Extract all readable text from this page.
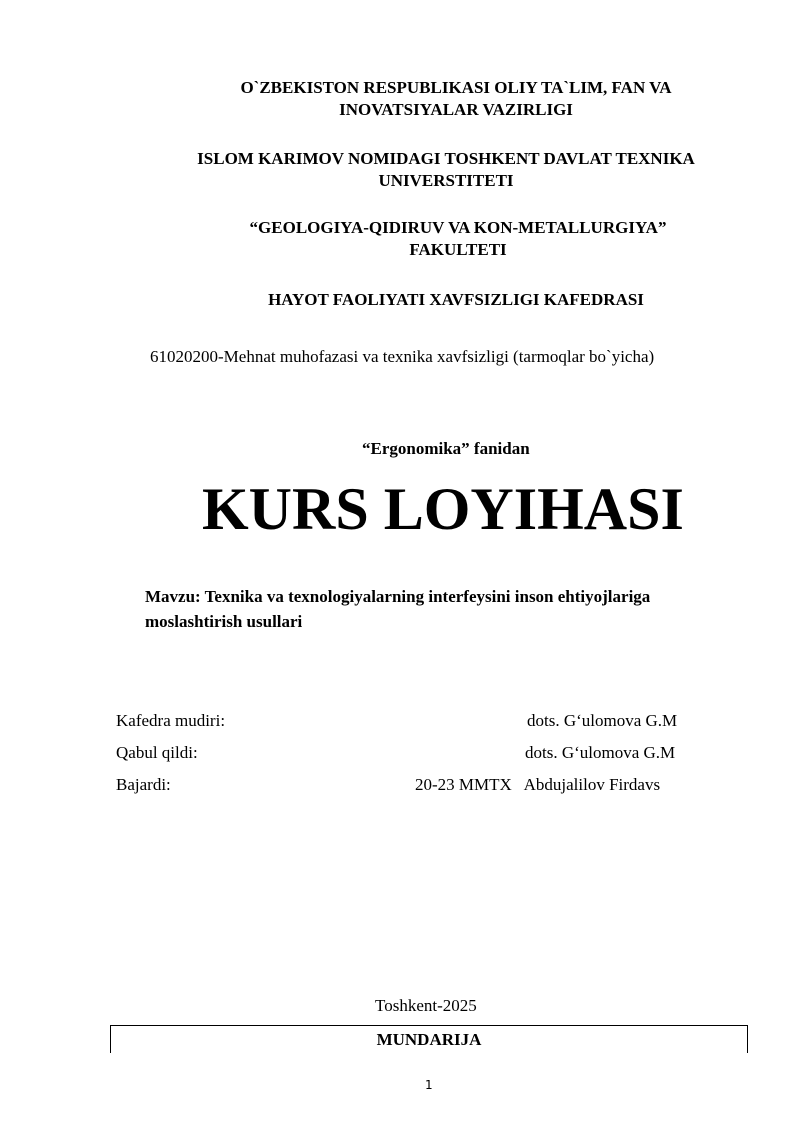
O`ZBEKISTON RESPUBLIKASI OLIY TA`LIM, FAN VA
INOVATSIYALAR VAZIRLIGI
ISLOM KARIMOV NOMIDAGI TOSHKENT DAVLAT TEXNIKA
UNIVERSTITETI
“GEOLOGIYA-QIDIRUV VA KON-METALLURGIYA”
FAKULTETI
HAYOT FAOLIYATI XAVFSIZLIGI KAFEDRASI
61020200-Mehnat muhofazasi va texnika xavfsizligi (tarmoqlar bo`yicha)
“Ergonomika” fanidan
KURS LOYIHASI
Mavzu: Texnika va texnologiyalarning interfeysini inson ehtiyojlariga moslashtirish usullari
Kafedra mudiri:	dots. G‘ulomova G.M
Qabul qildi:	dots. G‘ulomova G.M
Bajardi:	20-23 MMTX   Abdujalilov Firdavs
Toshkent-2025
MUNDARIJA
1
